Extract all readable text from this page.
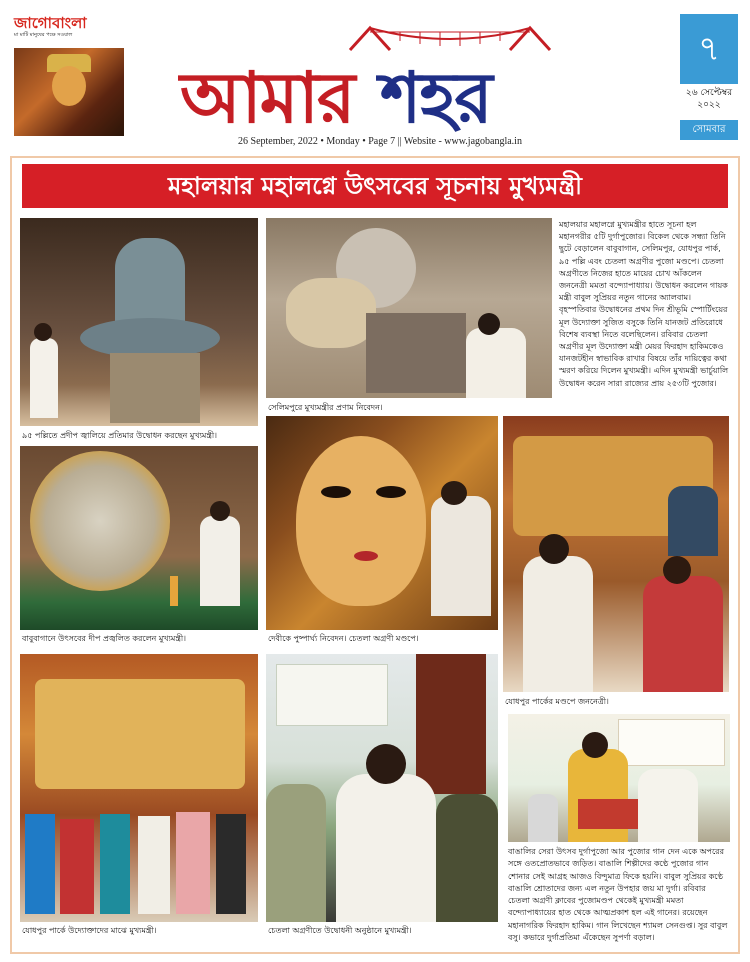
জাগোবাংলা
মা মাটি মানুষের পক্ষে সওয়াল
আমার শহর
26 September, 2022 • Monday • Page 7 || Website - www.jagobangla.in
৭
২৬ সেপ্টেম্বর
২০২২
সোমবার
মহালয়ার মহালগ্নে উৎসবের সূচনায় মুখ্যমন্ত্রী
৯৫ পল্লিতে প্রদীপ জ্বালিয়ে প্রতিমার উদ্বোধন করছেন মুখ্যমন্ত্রী।
সেলিমপুরে মুখ্যমন্ত্রীর প্রণাম নিবেদন।
মহালয়ার মহালগ্নে মুখ্যমন্ত্রীর হাতে সূচনা হল মহানগরীর ৫টি দুর্গাপুজোর। বিকেল থেকে সন্ধ্যা তিনি ছুটে বেড়ালেন বাবুবাগান, সেলিমপুর, যোধপুর পার্ক, ৯৫ পল্লি এবং চেতলা অগ্রণীর পুজো মণ্ডপে। চেতলা অগ্রণীতে নিজের হাতে মায়ের চোখ আঁকলেন জননেত্রী মমতা বন্দ্যোপাধ্যায়। উদ্বোধন করলেন গায়ক মন্ত্রী বাবুল সুপ্রিয়র নতুন গানের অ্যালবাম। বৃহস্পতিবার উদ্বোধনের প্রথম দিন শ্রীভূমি স্পোর্টিংয়ের মূল উদ্যোক্তা সুজিত বসুকে তিনি যানজট প্রতিরোধে বিশেষ ব্যবস্থা নিতে বলেছিলেন। রবিবার চেতলা অগ্রণীর মূল উদ্যোক্তা মন্ত্রী মেয়র ফিরহাদ হাকিমকেও যানজটহীন স্বাভাবিক রাখার বিষয়ে তাঁর দায়িত্বের কথা স্মরণ করিয়ে দিলেন মুখ্যমন্ত্রী। এদিন মুখ্যমন্ত্রী ভার্চুয়ালি উদ্বোধন করেন সারা রাজ্যের প্রায় ২৫৩টি পুজোর।
বাবুবাগানে উৎসবের দীপ প্রজ্বলিত করলেন মুখ্যমন্ত্রী।	দেবীকে পুষ্পার্ঘ্য নিবেদন। চেতলা অগ্রণী মণ্ডপে।
যোধপুর পার্কের মণ্ডপে জননেত্রী।
যোধপুর পার্কে উদ্যোক্তাদের মাঝে মুখ্যমন্ত্রী।	চেতলা অগ্রণীতে উদ্বোধনী অনুষ্ঠানে মুখ্যমন্ত্রী।
বাঙালির সেরা উৎসব দুর্গাপুজো আর পুজোর গান দেন একে অপরের সঙ্গে ওতপ্রোতভাবে জড়িত। বাঙালি শিল্পীদের কণ্ঠে পুজোর গান শোনার সেই আগ্রহ আজও বিন্দুমাত্র ফিকে হয়নি। বাবুল সুপ্রিয়র কণ্ঠে বাঙালি শ্রোতাদের জন্য এল নতুন উপহার জয় মা দুর্গা। রবিবার চেতলা অগ্রণী ক্লাবের পুজোমণ্ডপ থেকেই মুখ্যমন্ত্রী মমতা বন্দ্যোপাধ্যায়ের হাত থেকে আত্মপ্রকাশ হল এই গানের। রয়েছেন মহানাগরিক ফিরহাদ হাকিম। গান লিখেছেন শ্যামল সেনগুপ্ত। সুর বাবুল বসু। কভারে দুর্গাপ্রতিমা এঁকেছেন সুপর্ণা বড়াল।
